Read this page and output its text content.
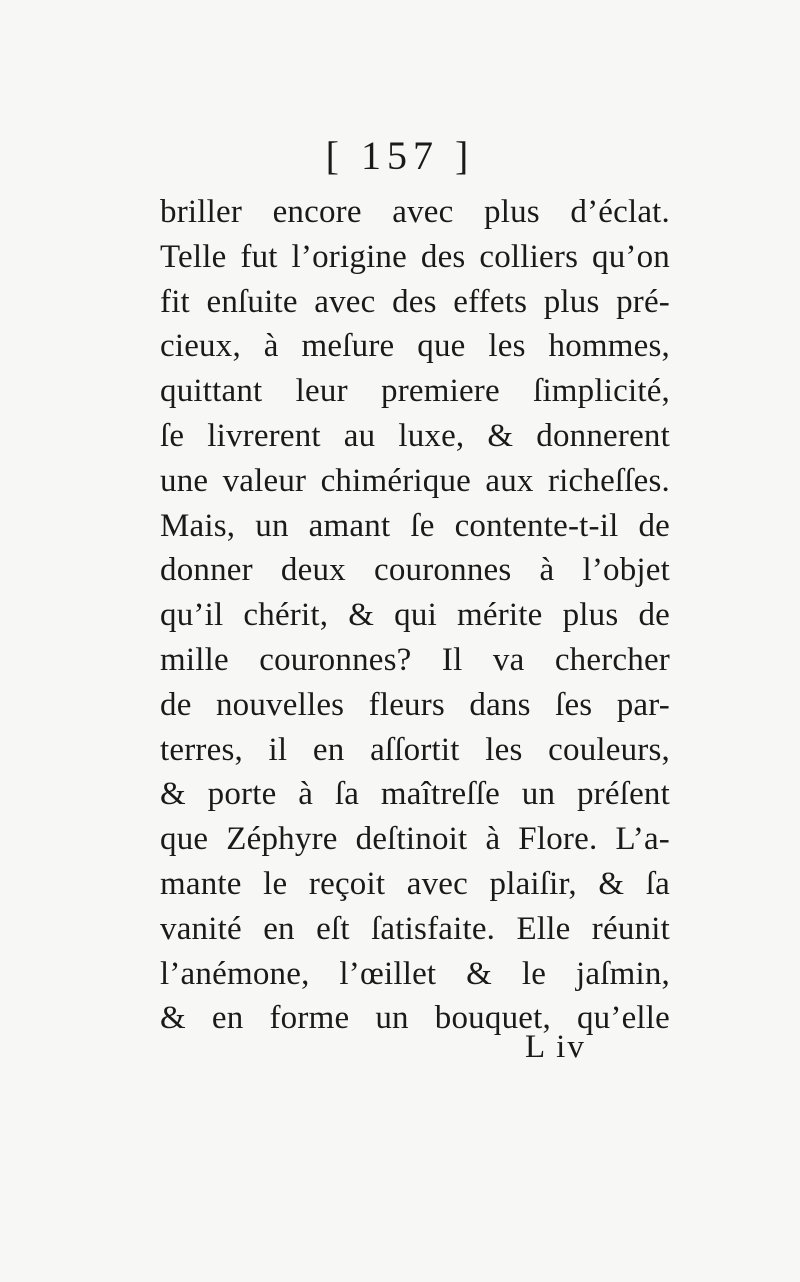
[ 157 ]
briller encore avec plus d’éclat.
Telle fut l’origine des colliers qu’on
fit enſuite avec des effets plus pré-
cieux, à meſure que les hommes,
quittant leur premiere ſimplicité,
ſe livrerent au luxe, & donnerent
une valeur chimérique aux richeſſes.
Mais, un amant ſe contente-t-il de
donner deux couronnes à l’objet
qu’il chérit, & qui mérite plus de
mille couronnes? Il va chercher
de nouvelles fleurs dans ſes par-
terres, il en aſſortit les couleurs,
& porte à ſa maîtreſſe un préſent
que Zéphyre deſtinoit à Flore. L’a-
mante le reçoit avec plaiſir, & ſa
vanité en eſt ſatisfaite. Elle réunit
l’anémone, l’œillet & le jaſmin,
& en forme un bouquet, qu’elle
L iv
